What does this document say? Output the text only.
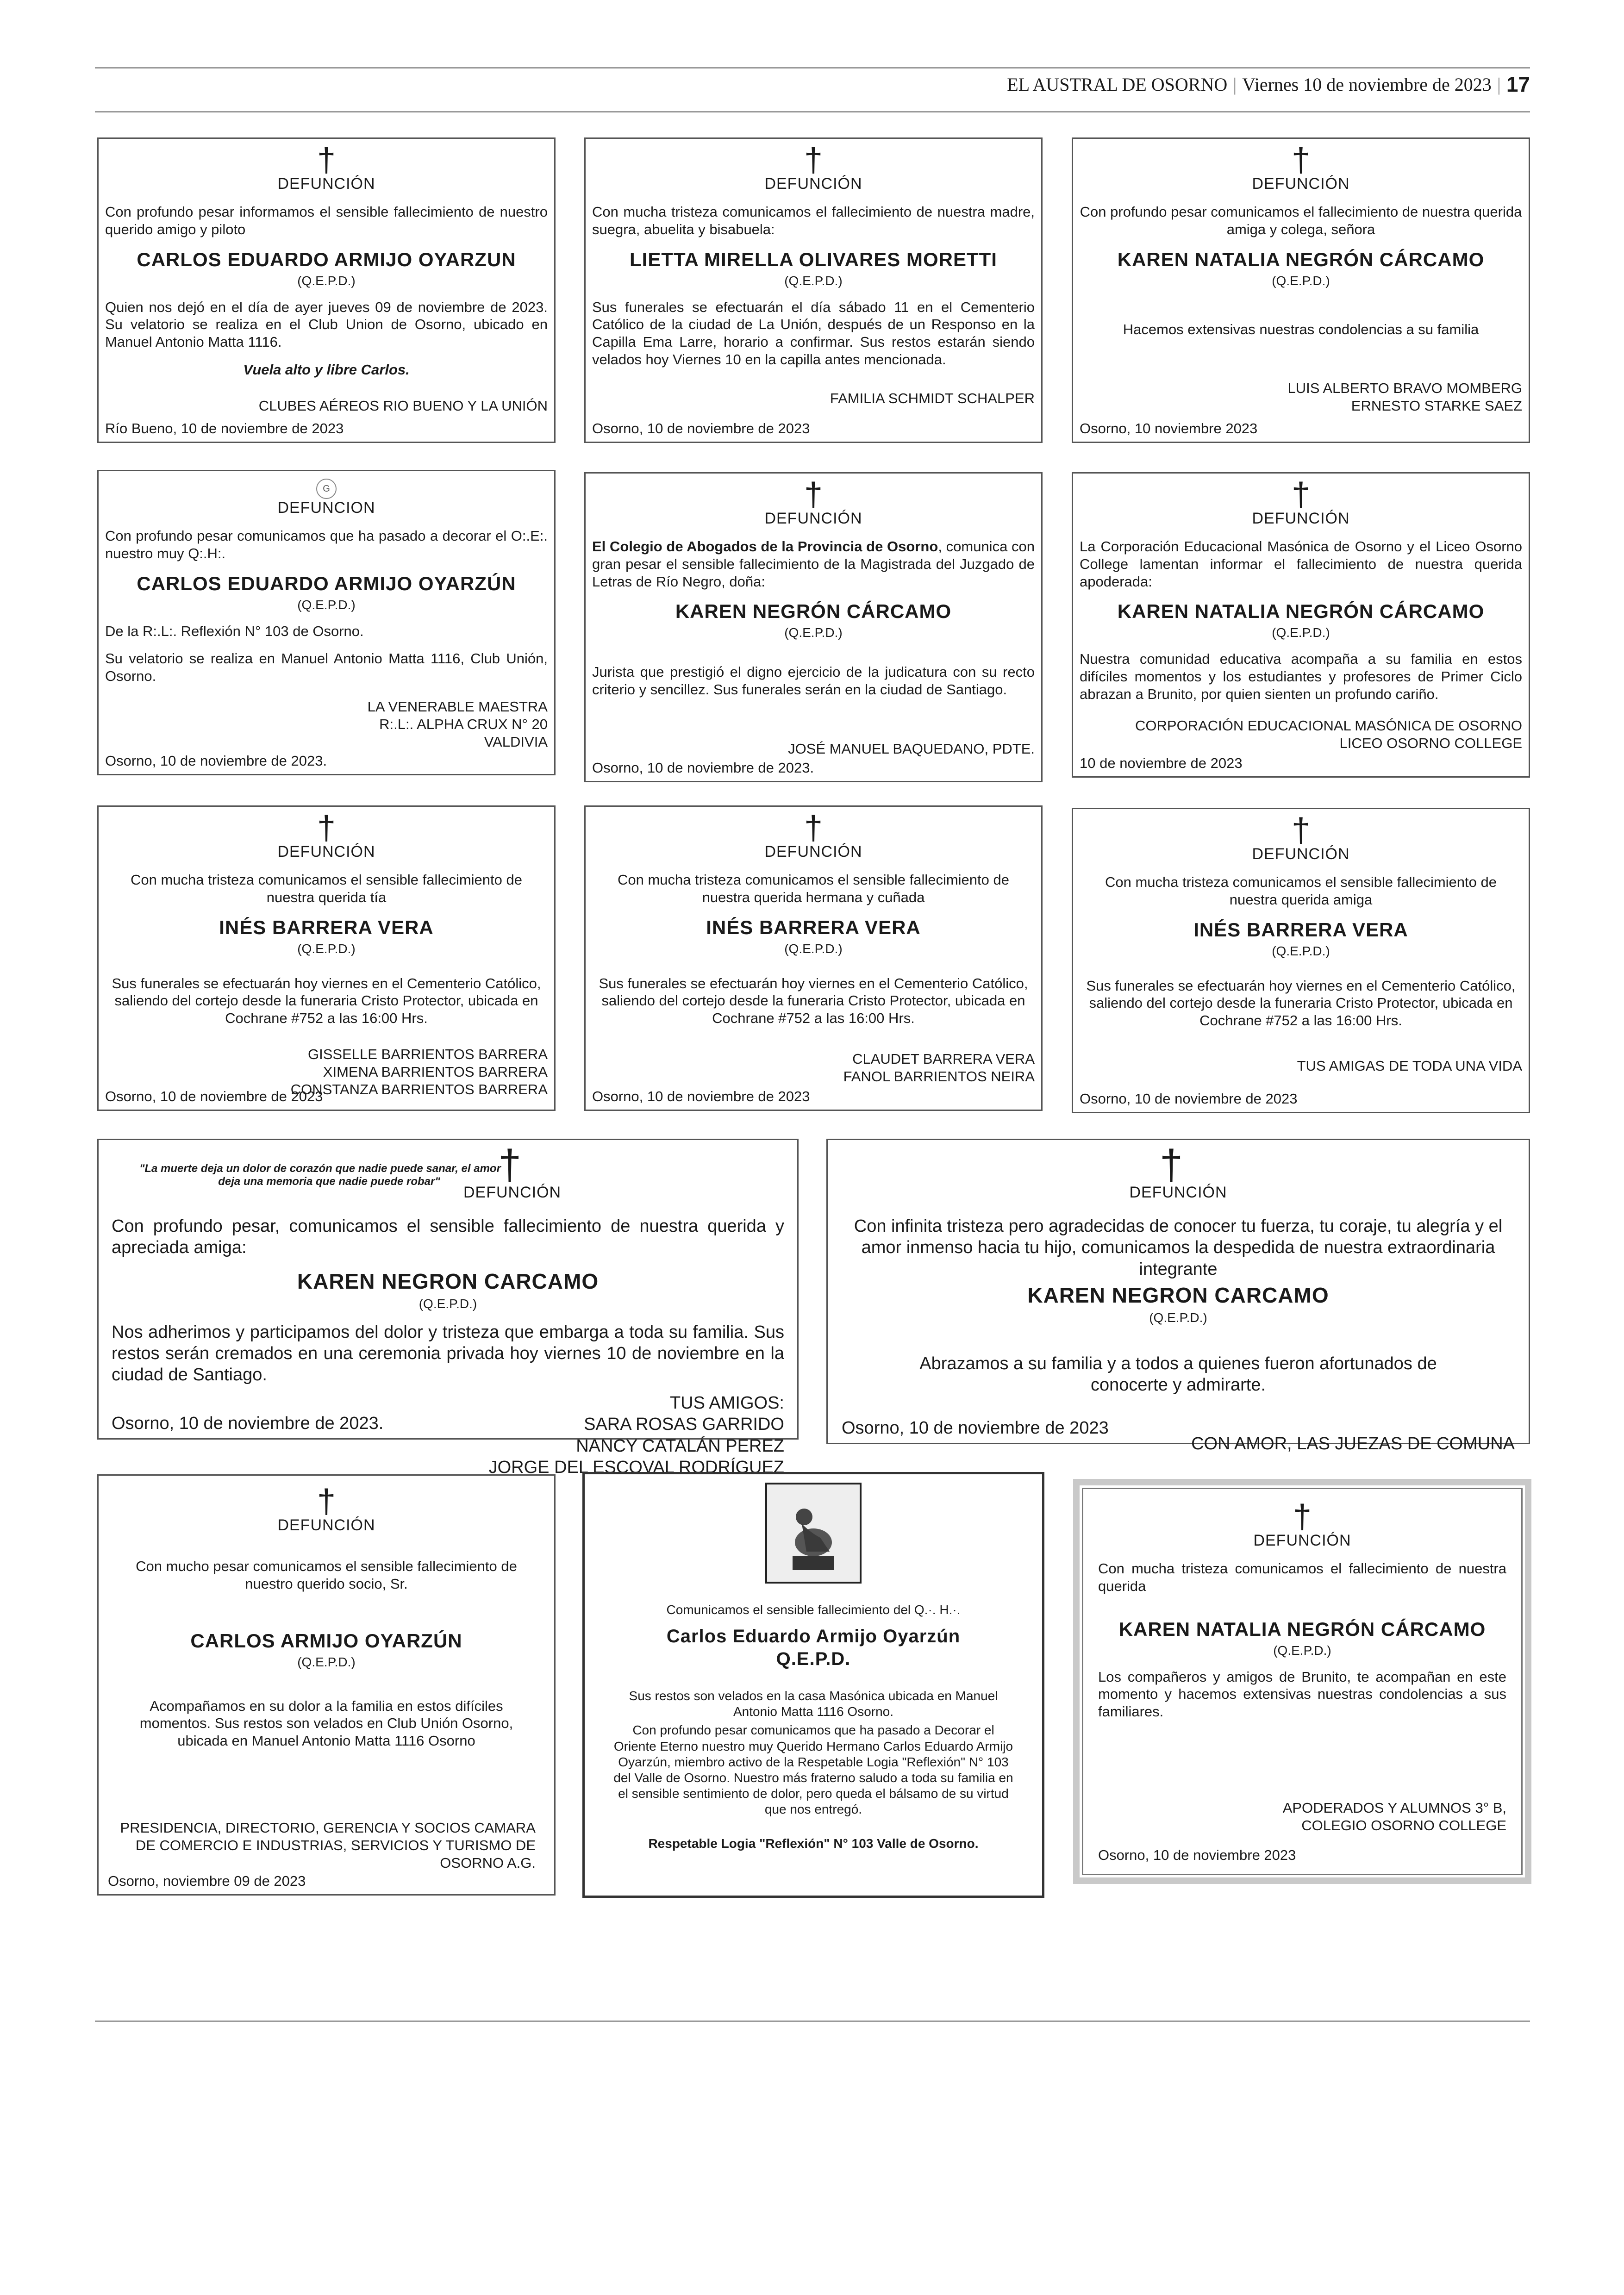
EL AUSTRAL DE OSORNO | Viernes 10 de noviembre de 2023 | 17
†
DEFUNCIÓN
Con profundo pesar informamos el sensible fallecimiento de nuestro querido amigo y piloto
CARLOS EDUARDO ARMIJO OYARZUN
(Q.E.P.D.)
Quien nos dejó en el día de ayer jueves 09 de noviembre de 2023. Su velatorio se realiza en el Club Union de Osorno, ubicado en Manuel Antonio Matta 1116.
Vuela alto y libre Carlos.
CLUBES AÉREOS RIO BUENO Y LA UNIÓN
Río Bueno, 10 de noviembre de 2023
†
DEFUNCIÓN
Con mucha tristeza comunicamos el fallecimiento de nuestra madre, suegra, abuelita y bisabuela:
LIETTA MIRELLA OLIVARES MORETTI
(Q.E.P.D.)
Sus funerales se efectuarán el día sábado 11 en el Cementerio Católico de la ciudad de La Unión, después de un Responso en la Capilla Ema Larre, horario a confirmar. Sus restos estarán siendo velados hoy Viernes 10 en la capilla antes mencionada.
FAMILIA SCHMIDT SCHALPER
Osorno, 10 de noviembre de 2023
†
DEFUNCIÓN
Con profundo pesar comunicamos el fallecimiento de nuestra querida amiga y colega, señora
KAREN NATALIA NEGRÓN CÁRCAMO
(Q.E.P.D.)
Hacemos extensivas nuestras condolencias a su familia
LUIS ALBERTO BRAVO MOMBERG
ERNESTO STARKE SAEZ
Osorno, 10 noviembre 2023
G
DEFUNCION
Con profundo pesar comunicamos que ha pasado a decorar el O:.E:. nuestro muy Q:.H:.
CARLOS EDUARDO ARMIJO OYARZÚN
(Q.E.P.D.)
De la R:.L:. Reflexión N° 103 de Osorno.
Su velatorio se realiza en Manuel Antonio Matta 1116, Club Unión, Osorno.
LA VENERABLE MAESTRA
R:.L:. ALPHA CRUX N° 20
VALDIVIA
Osorno, 10 de noviembre de 2023.
†
DEFUNCIÓN
El Colegio de Abogados de la Provincia de Osorno, comunica con gran pesar el sensible fallecimiento de la Magistrada del Juzgado de Letras de Río Negro, doña:
KAREN NEGRÓN CÁRCAMO
(Q.E.P.D.)
Jurista que prestigió el digno ejercicio de la judicatura con su recto criterio y sencillez. Sus funerales serán en la ciudad de Santiago.
JOSÉ MANUEL BAQUEDANO, PDTE.
Osorno, 10 de noviembre de 2023.
†
DEFUNCIÓN
La Corporación Educacional Masónica de Osorno y el Liceo Osorno College lamentan informar el fallecimiento de nuestra querida apoderada:
KAREN NATALIA NEGRÓN CÁRCAMO
(Q.E.P.D.)
Nuestra comunidad educativa acompaña a su familia en estos difíciles momentos y los estudiantes y profesores de Primer Ciclo abrazan a Brunito, por quien sienten un profundo cariño.
CORPORACIÓN EDUCACIONAL MASÓNICA DE OSORNO
LICEO OSORNO COLLEGE
10 de noviembre de 2023
†
DEFUNCIÓN
Con mucha tristeza comunicamos el sensible fallecimiento de nuestra querida tía
INÉS BARRERA VERA
(Q.E.P.D.)
Sus funerales se efectuarán hoy viernes en el Cementerio Católico, saliendo del cortejo desde la funeraria Cristo Protector, ubicada en Cochrane #752 a las 16:00 Hrs.
GISSELLE BARRIENTOS BARRERA
XIMENA BARRIENTOS BARRERA
CONSTANZA BARRIENTOS BARRERA
Osorno, 10 de noviembre de 2023
†
DEFUNCIÓN
Con mucha tristeza comunicamos el sensible fallecimiento de nuestra querida hermana y cuñada
INÉS BARRERA VERA
(Q.E.P.D.)
Sus funerales se efectuarán hoy viernes en el Cementerio Católico, saliendo del cortejo desde la funeraria Cristo Protector, ubicada en Cochrane #752 a las 16:00 Hrs.
CLAUDET BARRERA VERA
FANOL BARRIENTOS NEIRA
Osorno, 10 de noviembre de 2023
†
DEFUNCIÓN
Con mucha tristeza comunicamos el sensible fallecimiento de nuestra querida amiga
INÉS BARRERA VERA
(Q.E.P.D.)
Sus funerales se efectuarán hoy viernes en el Cementerio Católico, saliendo del cortejo desde la funeraria Cristo Protector, ubicada en Cochrane #752 a las 16:00 Hrs.
TUS AMIGAS DE TODA UNA VIDA
Osorno, 10 de noviembre de 2023
"La muerte deja un dolor de corazón que nadie puede sanar, el amor
deja una memoria que nadie puede robar"	†
DEFUNCIÓN
Con profundo pesar, comunicamos el sensible fallecimiento de nuestra querida y apreciada amiga:
KAREN NEGRON CARCAMO
(Q.E.P.D.)
Nos adherimos y participamos del dolor y tristeza que embarga a toda su familia. Sus restos serán cremados en una ceremonia privada hoy viernes 10 de noviembre en la ciudad de Santiago.
TUS AMIGOS:
SARA ROSAS GARRIDO
NANCY CATALÁN PEREZ
JORGE DEL ESCOVAL RODRÍGUEZ
Osorno, 10 de noviembre de 2023.
†
DEFUNCIÓN
Con infinita tristeza pero agradecidas de conocer tu fuerza, tu coraje, tu alegría y el amor inmenso hacia tu hijo, comunicamos la despedida de nuestra extraordinaria integrante
KAREN NEGRON CARCAMO
(Q.E.P.D.)
Abrazamos a su familia y a todos a quienes fueron afortunados de conocerte y admirarte.
CON AMOR, LAS JUEZAS DE COMUNA
Osorno, 10 de noviembre de 2023
†
DEFUNCIÓN
Con mucho pesar comunicamos el sensible fallecimiento de nuestro querido socio, Sr.
CARLOS ARMIJO OYARZÚN
(Q.E.P.D.)
Acompañamos en su dolor a la familia en estos difíciles momentos. Sus restos son velados en Club Unión Osorno, ubicada en Manuel Antonio Matta 1116 Osorno
PRESIDENCIA, DIRECTORIO, GERENCIA Y SOCIOS CAMARA DE COMERCIO E INDUSTRIAS, SERVICIOS Y TURISMO DE OSORNO A.G.
Osorno, noviembre 09 de 2023
Comunicamos el sensible fallecimiento del Q.·. H.·.
Carlos Eduardo Armijo Oyarzún
Q.E.P.D.
Sus restos son velados en la casa Masónica ubicada en Manuel Antonio Matta 1116 Osorno.
Con profundo pesar comunicamos que ha pasado a Decorar el Oriente Eterno nuestro muy Querido Hermano Carlos Eduardo Armijo Oyarzún, miembro activo de la Respetable Logia "Reflexión" N° 103 del Valle de Osorno. Nuestro más fraterno saludo a toda su familia en el sensible sentimiento de dolor, pero queda el bálsamo de su virtud que nos entregó.
Respetable Logia "Reflexión" N° 103 Valle de Osorno.
†
DEFUNCIÓN
Con mucha tristeza comunicamos el fallecimiento de nuestra querida
KAREN NATALIA NEGRÓN CÁRCAMO
(Q.E.P.D.)
Los compañeros y amigos de Brunito, te acompañan en este momento y hacemos extensivas nuestras condolencias a sus familiares.
APODERADOS Y ALUMNOS 3° B,
COLEGIO OSORNO COLLEGE
Osorno, 10 de noviembre 2023
